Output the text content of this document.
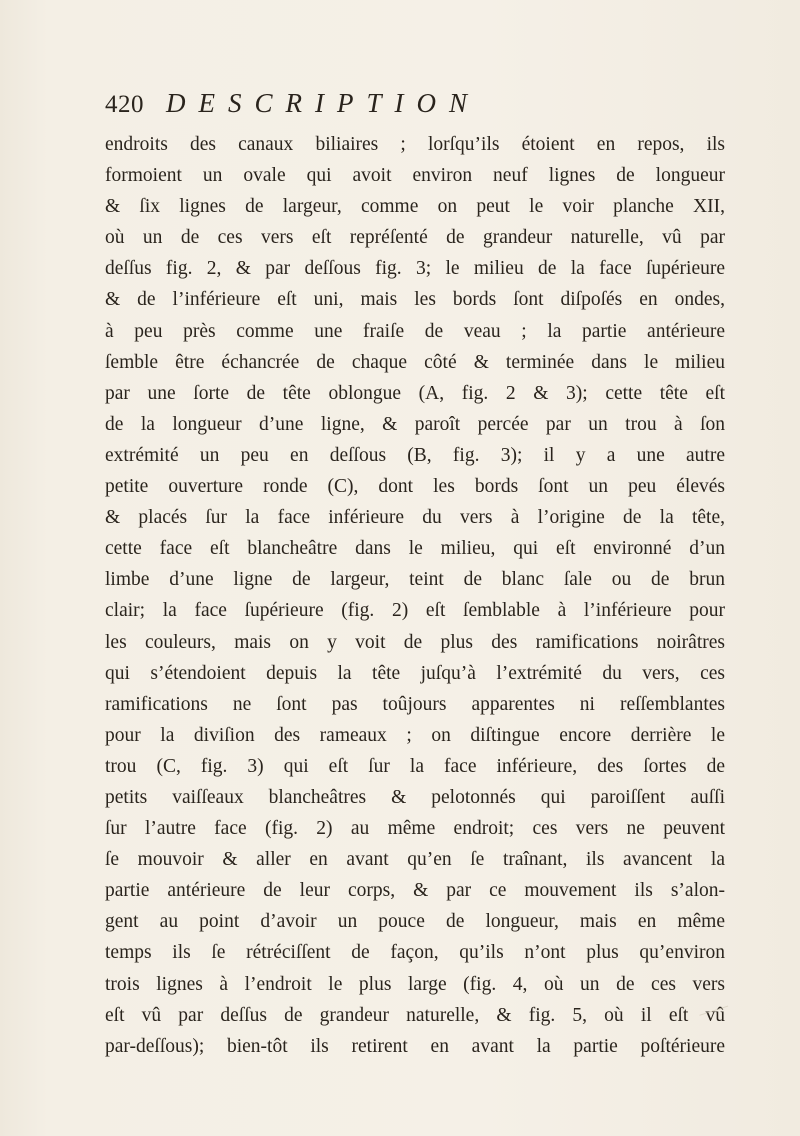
420 DESCRIPTION
endroits des canaux biliaires ; lorſqu’ils étoient en repos, ils
formoient un ovale qui avoit environ neuf lignes de longueur
& ſix lignes de largeur, comme on peut le voir planche XII,
où un de ces vers eſt repréſenté de grandeur naturelle, vû par
deſſus fig. 2, & par deſſous fig. 3; le milieu de la face ſupérieure
& de l’inférieure eſt uni, mais les bords ſont diſpoſés en ondes,
à peu près comme une fraiſe de veau ; la partie antérieure
ſemble être échancrée de chaque côté & terminée dans le milieu
par une ſorte de tête oblongue (A, fig. 2 & 3); cette tête eſt
de la longueur d’une ligne, & paroît percée par un trou à ſon
extrémité un peu en deſſous (B, fig. 3); il y a une autre
petite ouverture ronde (C), dont les bords ſont un peu élevés
& placés ſur la face inférieure du vers à l’origine de la tête,
cette face eſt blancheâtre dans le milieu, qui eſt environné d’un
limbe d’une ligne de largeur, teint de blanc ſale ou de brun
clair; la face ſupérieure (fig. 2) eſt ſemblable à l’inférieure pour
les couleurs, mais on y voit de plus des ramifications noirâtres
qui s’étendoient depuis la tête juſqu’à l’extrémité du vers, ces
ramifications ne ſont pas toûjours apparentes ni reſſemblantes
pour la diviſion des rameaux ; on diſtingue encore derrière le
trou (C, fig. 3) qui eſt ſur la face inférieure, des ſortes de
petits vaiſſeaux blancheâtres & pelotonnés qui paroiſſent auſſi
ſur l’autre face (fig. 2) au même endroit; ces vers ne peuvent
ſe mouvoir & aller en avant qu’en ſe traînant, ils avancent la
partie antérieure de leur corps, & par ce mouvement ils s’alon-
gent au point d’avoir un pouce de longueur, mais en même
temps ils ſe rétréciſſent de façon, qu’ils n’ont plus qu’environ
trois lignes à l’endroit le plus large (fig. 4, où un de ces vers
eſt vû par deſſus de grandeur naturelle, & fig. 5, où il eſt vû
par-deſſous); bien-tôt ils retirent en avant la partie poſtérieure
